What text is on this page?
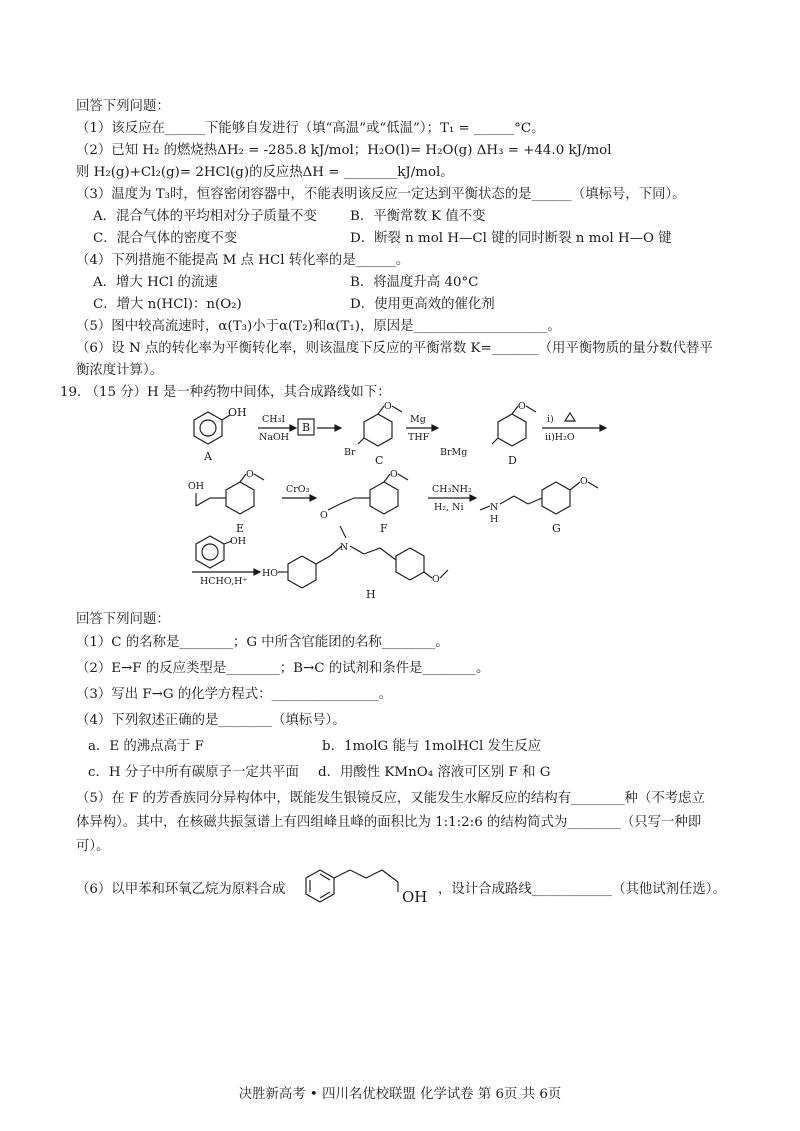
回答下列问题：
（1）该反应在______下能够自发进行（填“高温”或“低温”）；T₁ = ______°C。
（2）已知 H₂ 的燃烧热ΔH₂ = -285.8 kJ/mol；H₂O(l)= H₂O(g) ΔH₃ = +44.0 kJ/mol
则 H₂(g)+Cl₂(g)= 2HCl(g)的反应热ΔH = ________kJ/mol。
（3）温度为 T₃时，恒容密闭容器中，不能表明该反应一定达到平衡状态的是______（填标号，下同）。
A．混合气体的平均相对分子质量不变 B．平衡常数 K 值不变
C．混合气体的密度不变	D．断裂 n mol H—Cl 键的同时断裂 n mol H—O 键
（4）下列措施不能提高 M 点 HCl 转化率的是______。
A．增大 HCl 的流速	B．将温度升高 40°C
C．增大 n(HCl)：n(O₂)	D．使用更高效的催化剂
（5）图中较高流速时，α(T₃)小于α(T₂)和α(T₁)，原因是____________________。
（6）设 N 点的转化率为平衡转化率，则该温度下反应的平衡常数 K=_______（用平衡物质的量分数代替平
衡浓度计算）。
19. （15 分）H 是一种药物中间体，其合成路线如下：
OH
A
CH₃I
NaOH
B
O
Br
C
Mg
THF
O
BrMg
D
i)
ii)H₂O
OH
O
E
CrO₃
O
O
F
CH₃NH₂
H₂, Ni	N
H
O
G
OH
HCHO,H⁺
HO
N
O
H
回答下列问题：
（1）C 的名称是________；G 中所含官能团的名称________。
（2）E→F 的反应类型是________；B→C 的试剂和条件是________。
（3）写出 F→G 的化学方程式：________________。
（4）下列叙述正确的是________（填标号）。
a．E 的沸点高于 F	b．1molG 能与 1molHCl 发生反应
c．H 分子中所有碳原子一定共平面 d．用酸性 KMnO₄ 溶液可区别 F 和 G
（5）在 F 的芳香族同分异构体中，既能发生银镜反应，又能发生水解反应的结构有________种（不考虑立
体异构）。其中，在核磁共振氢谱上有四组峰且峰的面积比为 1:1:2:6 的结构简式为________（只写一种即
可）。
（6）以甲苯和环氧乙烷为原料合成	OH ，设计合成路线____________（其他试剂任选）。
决胜新高考 • 四川名优校联盟 化学试卷 第 6页 共 6页
